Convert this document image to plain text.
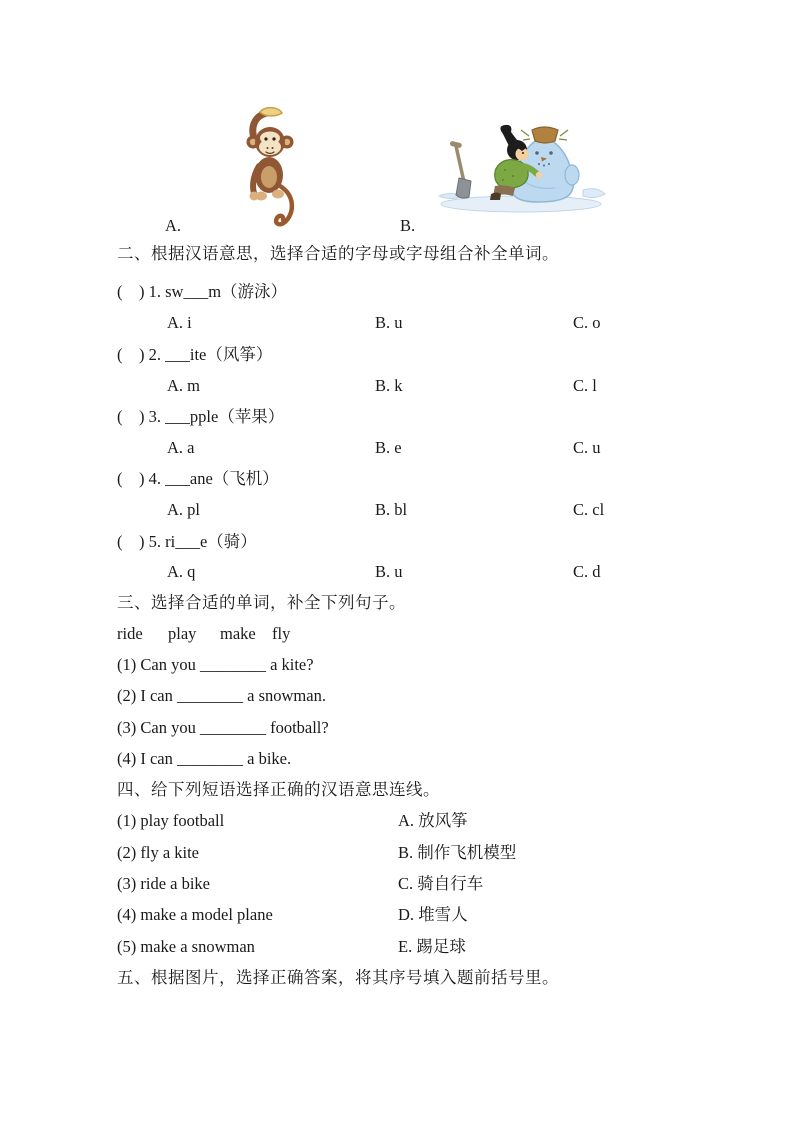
A.	B.
二、根据汉语意思，选择合适的字母或字母组合补全单词。
(    ) 1. sw___m（游泳）
A. i	B. u	C. o
(    ) 2. ___ite（风筝）
A. m	B. k	C. l
(    ) 3. ___pple（苹果）
A. a	B. e	C. u
(    ) 4. ___ane（飞机）
A. pl	B. bl	C. cl
(    ) 5. ri___e（骑）
A. q	B. u	C. d
三、选择合适的单词，补全下列句子。
ride play make fly
(1) Can you ________ a kite?
(2) I can ________ a snowman.
(3) Can you ________ football?
(4) I can ________ a bike.
四、给下列短语选择正确的汉语意思连线。
(1) play football	A. 放风筝
(2) fly a kite	B. 制作飞机模型
(3) ride a bike	C. 骑自行车
(4) make a model plane	D. 堆雪人
(5) make a snowman	E. 踢足球
五、根据图片，选择正确答案，将其序号填入题前括号里。
